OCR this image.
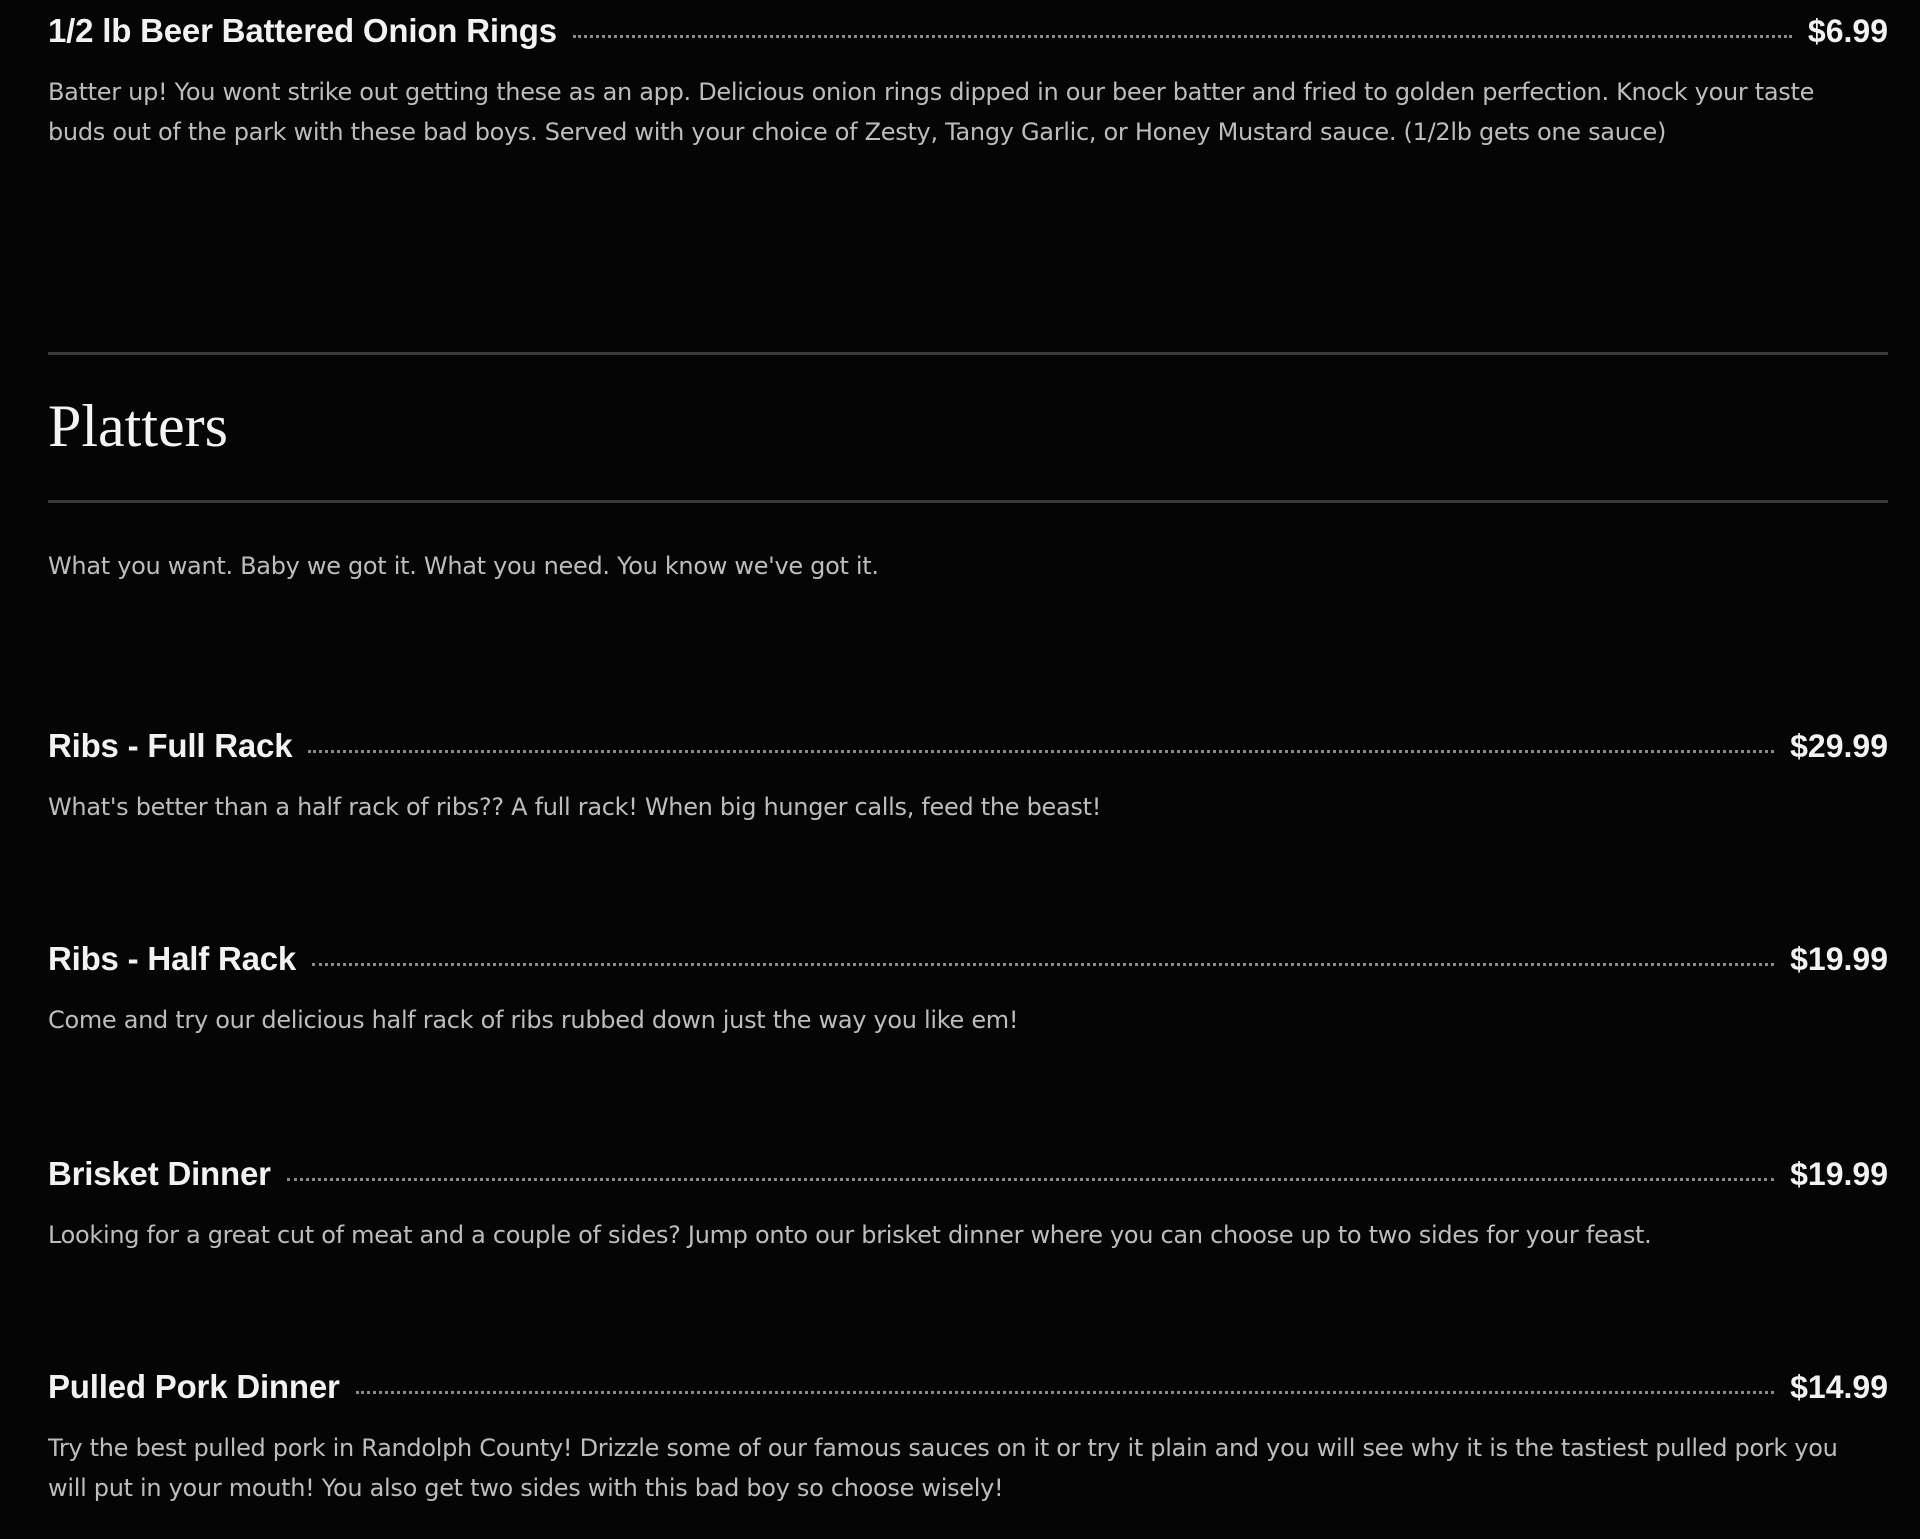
1/2 lb Beer Battered Onion Rings	$6.99
Batter up! You wont strike out getting these as an app. Delicious onion rings dipped in our beer batter and fried to golden perfection. Knock your taste buds out of the park with these bad boys. Served with your choice of Zesty, Tangy Garlic, or Honey Mustard sauce. (1/2lb gets one sauce)
Platters
What you want. Baby we got it. What you need. You know we've got it.
Ribs - Full Rack	$29.99
What's better than a half rack of ribs?? A full rack! When big hunger calls, feed the beast!
Ribs - Half Rack	$19.99
Come and try our delicious half rack of ribs rubbed down just the way you like em!
Brisket Dinner	$19.99
Looking for a great cut of meat and a couple of sides? Jump onto our brisket dinner where you can choose up to two sides for your feast.
Pulled Pork Dinner	$14.99
Try the best pulled pork in Randolph County! Drizzle some of our famous sauces on it or try it plain and you will see why it is the tastiest pulled pork you will put in your mouth! You also get two sides with this bad boy so choose wisely!
